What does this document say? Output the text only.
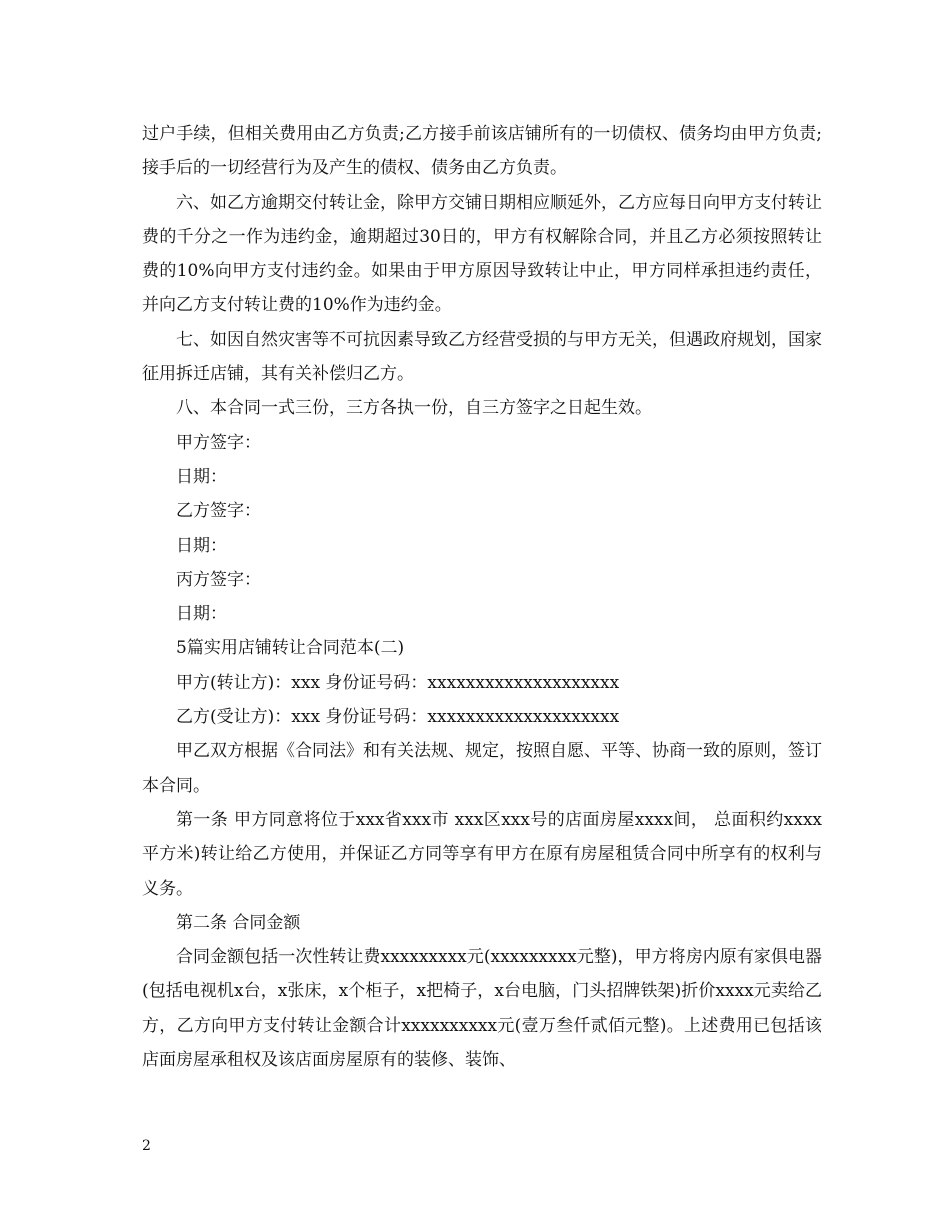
过户手续，但相关费用由乙方负责;乙方接手前该店铺所有的一切债权、债务均由甲方负责;接手后的一切经营行为及产生的债权、债务由乙方负责。

六、如乙方逾期交付转让金，除甲方交铺日期相应顺延外，乙方应每日向甲方支付转让费的千分之一作为违约金，逾期超过30日的，甲方有权解除合同，并且乙方必须按照转让费的10%向甲方支付违约金。如果由于甲方原因导致转让中止，甲方同样承担违约责任，并向乙方支付转让费的10%作为违约金。

七、如因自然灾害等不可抗因素导致乙方经营受损的与甲方无关，但遇政府规划，国家征用拆迁店铺，其有关补偿归乙方。

八、本合同一式三份，三方各执一份，自三方签字之日起生效。

甲方签字：

日期：

乙方签字：

日期：

丙方签字：

日期：

5篇实用店铺转让合同范本(二)

甲方(转让方)：xxx 身份证号码：xxxxxxxxxxxxxxxxxxxx

乙方(受让方)：xxx 身份证号码：xxxxxxxxxxxxxxxxxxxx

甲乙双方根据《合同法》和有关法规、规定，按照自愿、平等、协商一致的原则，签订本合同。

第一条 甲方同意将位于xxx省xxx市 xxx区xxx号的店面房屋xxxx间， 总面积约xxxx平方米)转让给乙方使用，并保证乙方同等享有甲方在原有房屋租赁合同中所享有的权利与义务。

第二条 合同金额

合同金额包括一次性转让费xxxxxxxxx元(xxxxxxxxx元整)，甲方将房内原有家俱电器(包括电视机x台，x张床，x个柜子，x把椅子，x台电脑，门头招牌铁架)折价xxxx元卖给乙方，乙方向甲方支付转让金额合计xxxxxxxxxx元(壹万叁仟贰佰元整)。上述费用已包括该店面房屋承租权及该店面房屋原有的装修、装饰、

2
